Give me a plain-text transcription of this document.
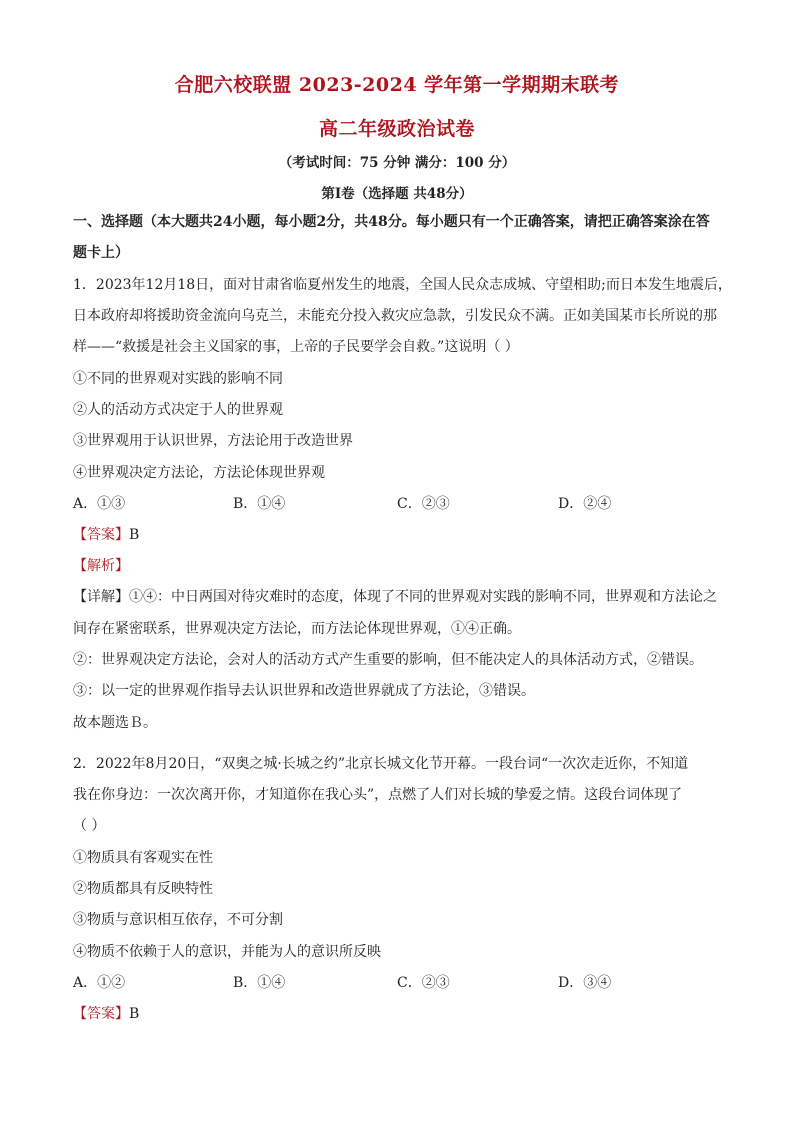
合肥六校联盟 2023-2024 学年第一学期期末联考
高二年级政治试卷
（考试时间：75 分钟 满分：100 分）
第Ⅰ卷（选择题 共48分）
一、选择题（本大题共24小题，每小题2分，共48分。每小题只有一个正确答案，请把正确答案涂在答
题卡上）
1．2023年12月18日，面对甘肃省临夏州发生的地震，全国人民众志成城、守望相助;而日本发生地震后，
日本政府却将援助资金流向乌克兰，未能充分投入救灾应急款，引发民众不满。正如美国某市长所说的那
样——“救援是社会主义国家的事，上帝的子民要学会自救。”这说明（ ）
①不同的世界观对实践的影响不同
②人的活动方式决定于人的世界观
③世界观用于认识世界，方法论用于改造世界
④世界观决定方法论，方法论体现世界观
A．①③	B．①④	C．②③	D．②④
【答案】B
【解析】
【详解】①④：中日两国对待灾难时的态度，体现了不同的世界观对实践的影响不同，世界观和方法论之
间存在紧密联系，世界观决定方法论，而方法论体现世界观，①④正确。
②：世界观决定方法论，会对人的活动方式产生重要的影响，但不能决定人的具体活动方式，②错误。
③：以一定的世界观作指导去认识世界和改造世界就成了方法论，③错误。
故本题选Ｂ。
2．2022年8月20日，“双奥之城·长城之约”北京长城文化节开幕。一段台词“一次次走近你，不知道
我在你身边：一次次离开你，才知道你在我心头”，点燃了人们对长城的挚爱之情。这段台词体现了
（ ）
①物质具有客观实在性
②物质都具有反映特性
③物质与意识相互依存，不可分割
④物质不依赖于人的意识，并能为人的意识所反映
A．①②	B．①④	C．②③	D．③④
【答案】B
